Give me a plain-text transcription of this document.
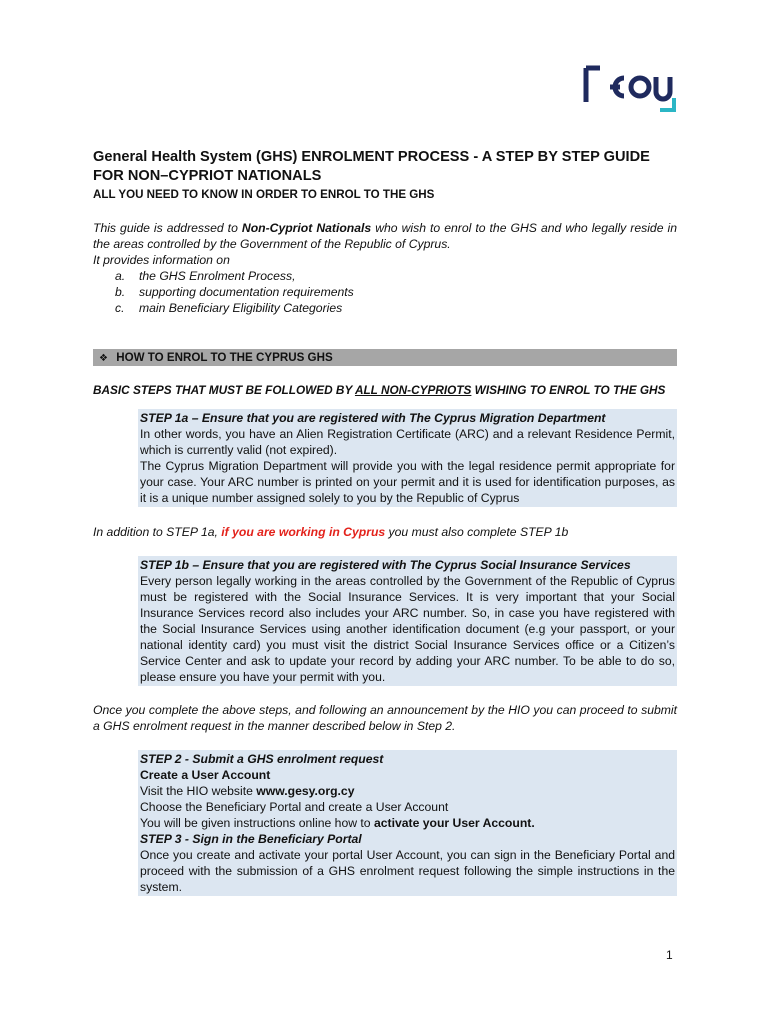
General Health System (GHS) ENROLMENT PROCESS - A STEP BY STEP GUIDE FOR NON–CYPRIOT NATIONALS
ALL YOU NEED TO KNOW IN ORDER TO ENROL TO THE GHS

This guide is addressed to Non-Cypriot Nationals who wish to enrol to the GHS and who legally reside in the areas controlled by the Government of the Republic of Cyprus.

It provides information on

a. the GHS Enrolment Process,
b. supporting documentation requirements
c. main Beneficiary Eligibility Categories
❖ HOW TO ENROL TO THE CYPRUS GHS
BASIC STEPS THAT MUST BE FOLLOWED BY ALL NON-CYPRIOTS WISHING TO ENROL TO THE GHS

STEP 1a – Ensure that you are registered with The Cyprus Migration Department

In other words, you have an Alien Registration Certificate (ARC) and a relevant Residence Permit, which is currently valid (not expired).

The Cyprus Migration Department will provide you with the legal residence permit appropriate for your case. Your ARC number is printed on your permit and it is used for identification purposes, as it is a unique number assigned solely to you by the Republic of Cyprus

In addition to STEP 1a, if you are working in Cyprus you must also complete STEP 1b

STEP 1b – Ensure that you are registered with The Cyprus Social Insurance Services

Every person legally working in the areas controlled by the Government of the Republic of Cyprus must be registered with the Social Insurance Services. It is very important that your Social Insurance Services record also includes your ARC number. So, in case you have registered with the Social Insurance Services using another identification document (e.g your passport, or your national identity card) you must visit the district Social Insurance Services office or a Citizen’s Service Center and ask to update your record by adding your ARC number. To be able to do so, please ensure you have your permit with you.

Once you complete the above steps, and following an announcement by the HIO you can proceed to submit a GHS enrolment request in the manner described below in Step 2.

STEP 2 - Submit a GHS enrolment request

Create a User Account

Visit the HIO website www.gesy.org.cy

Choose the Beneficiary Portal and create a User Account

You will be given instructions online how to activate your User Account.

STEP 3 - Sign in the Beneficiary Portal

Once you create and activate your portal User Account, you can sign in the Beneficiary Portal and proceed with the submission of a GHS enrolment request following the simple instructions in the system.

1
